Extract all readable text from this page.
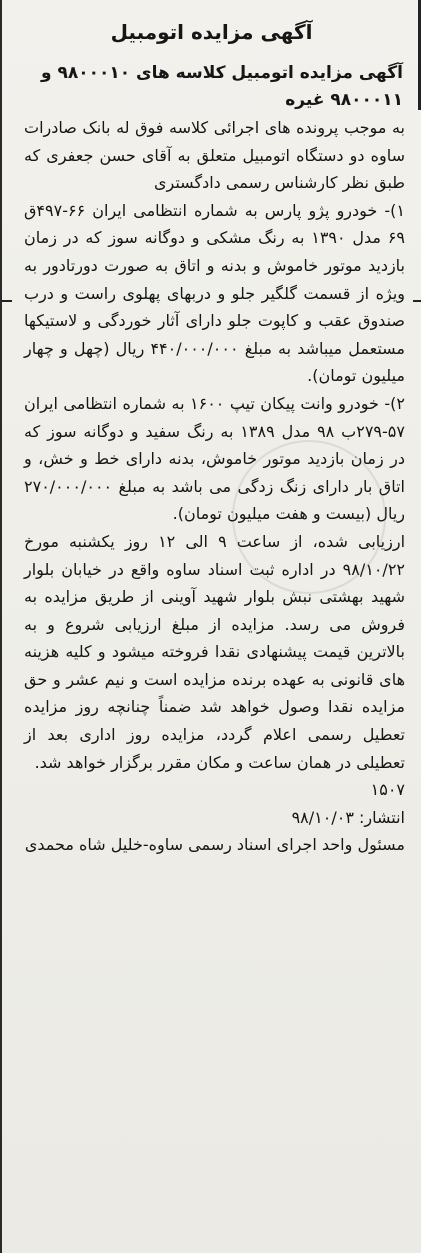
آگهی مزایده اتومبیل
آگهی مزایده اتومبیل کلاسه های ۹۸۰۰۰۱۰ و ۹۸۰۰۰۱۱ غیره

به موجب پرونده های اجرائی کلاسه فوق له بانک صادرات ساوه دو دستگاه اتومبیل متعلق به آقای حسن جعفری که طبق نظر کارشناس رسمی دادگستری

۱)- خودرو پژو پارس به شماره انتظامی ایران ۶۶-۴۹۷ق ۶۹ مدل ۱۳۹۰ به رنگ مشکی و دوگانه سوز که در زمان بازدید موتور خاموش و بدنه و اتاق به صورت دورتادور به ویژه از قسمت گلگیر جلو و دربهای پهلوی راست و درب صندوق عقب و کاپوت جلو دارای آثار خوردگی و لاستیکها مستعمل میباشد به مبلغ ۴۴۰/۰۰۰/۰۰۰ ریال (چهل و چهار میلیون تومان).

۲)- خودرو وانت پیکان تیپ ۱۶۰۰ به شماره انتظامی ایران ۵۷-۲۷۹ب ۹۸ مدل ۱۳۸۹ به رنگ سفید و دوگانه سوز که در زمان بازدید موتور خاموش، بدنه دارای خط و خش، و اتاق بار دارای زنگ زدگی می باشد به مبلغ ۲۷۰/۰۰۰/۰۰۰ ریال (بیست و هفت میلیون تومان).

ارزیابی شده، از ساعت ۹ الی ۱۲ روز یکشنبه مورخ ۹۸/۱۰/۲۲ در اداره ثبت اسناد ساوه واقع در خیابان بلوار شهید بهشتی نبش بلوار شهید آوینی از طریق مزایده به فروش می رسد. مزایده از مبلغ ارزیابی شروع و به بالاترین قیمت پیشنهادی نقدا فروخته میشود و کلیه هزینه های قانونی به عهده برنده مزایده است و نیم عشر و حق مزایده نقدا وصول خواهد شد ضمناً چنانچه روز مزایده تعطیل رسمی اعلام گردد، مزایده روز اداری بعد از تعطیلی در همان ساعت و مکان مقرر برگزار خواهد شد.

۱۵۰۷

انتشار: ۹۸/۱۰/۰۳

مسئول واحد اجرای اسناد رسمی ساوه-خلیل شاه محمدی
